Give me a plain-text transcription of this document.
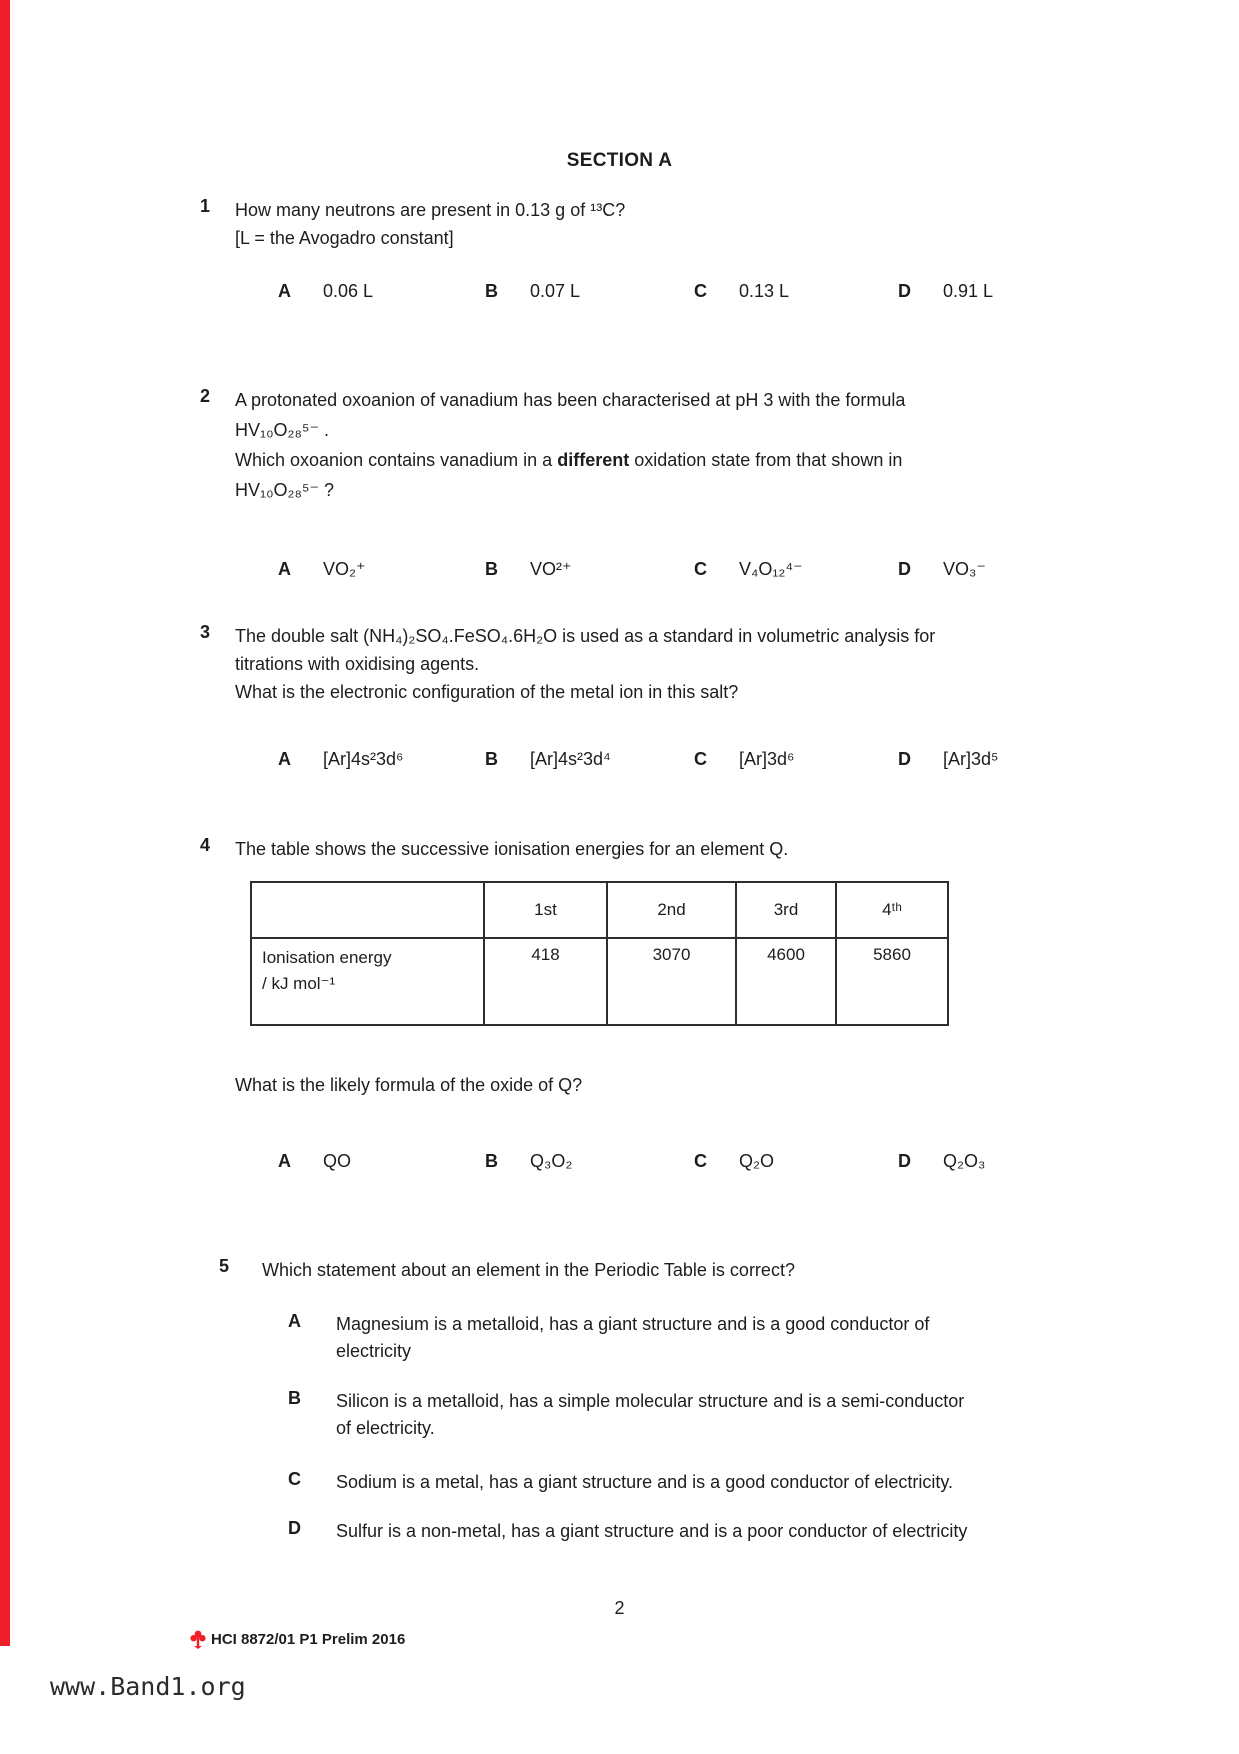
SECTION A
1	How many neutrons are present in 0.13 g of ¹³C?
[L = the Avogadro constant]
A	0.06 L	B	0.07 L	C	0.13 L	D	0.91 L
2	A protonated oxoanion of vanadium has been characterised at pH 3 with the formula
HV₁₀O₂₈⁵⁻ .
Which oxoanion contains vanadium in a different oxidation state from that shown in
HV₁₀O₂₈⁵⁻ ?
A	VO₂⁺	B	VO²⁺	C	V₄O₁₂⁴⁻	D	VO₃⁻
3	The double salt (NH₄)₂SO₄.FeSO₄.6H₂O is used as a standard in volumetric analysis for
titrations with oxidising agents.
What is the electronic configuration of the metal ion in this salt?
A	[Ar]4s²3d⁶	B	[Ar]4s²3d⁴	C	[Ar]3d⁶	D	[Ar]3d⁵
4	The table shows the successive ionisation energies for an element Q.
	1st	2nd	3rd	4ᵗʰ

Ionisation energy
/ kJ mol⁻¹	418	3070	4600	5860
What is the likely formula of the oxide of Q?
A	QO	B	Q₃O₂	C	Q₂O	D	Q₂O₃
5	Which statement about an element in the Periodic Table is correct?
A	Magnesium is a metalloid, has a giant structure and is a good conductor of
electricity
B	Silicon is a metalloid, has a simple molecular structure and is a semi-conductor
of electricity.
C	Sodium is a metal, has a giant structure and is a good conductor of electricity.
D	Sulfur is a non-metal, has a giant structure and is a poor conductor of electricity
2
HCI 8872/01 P1 Prelim 2016
www.Band1.org
